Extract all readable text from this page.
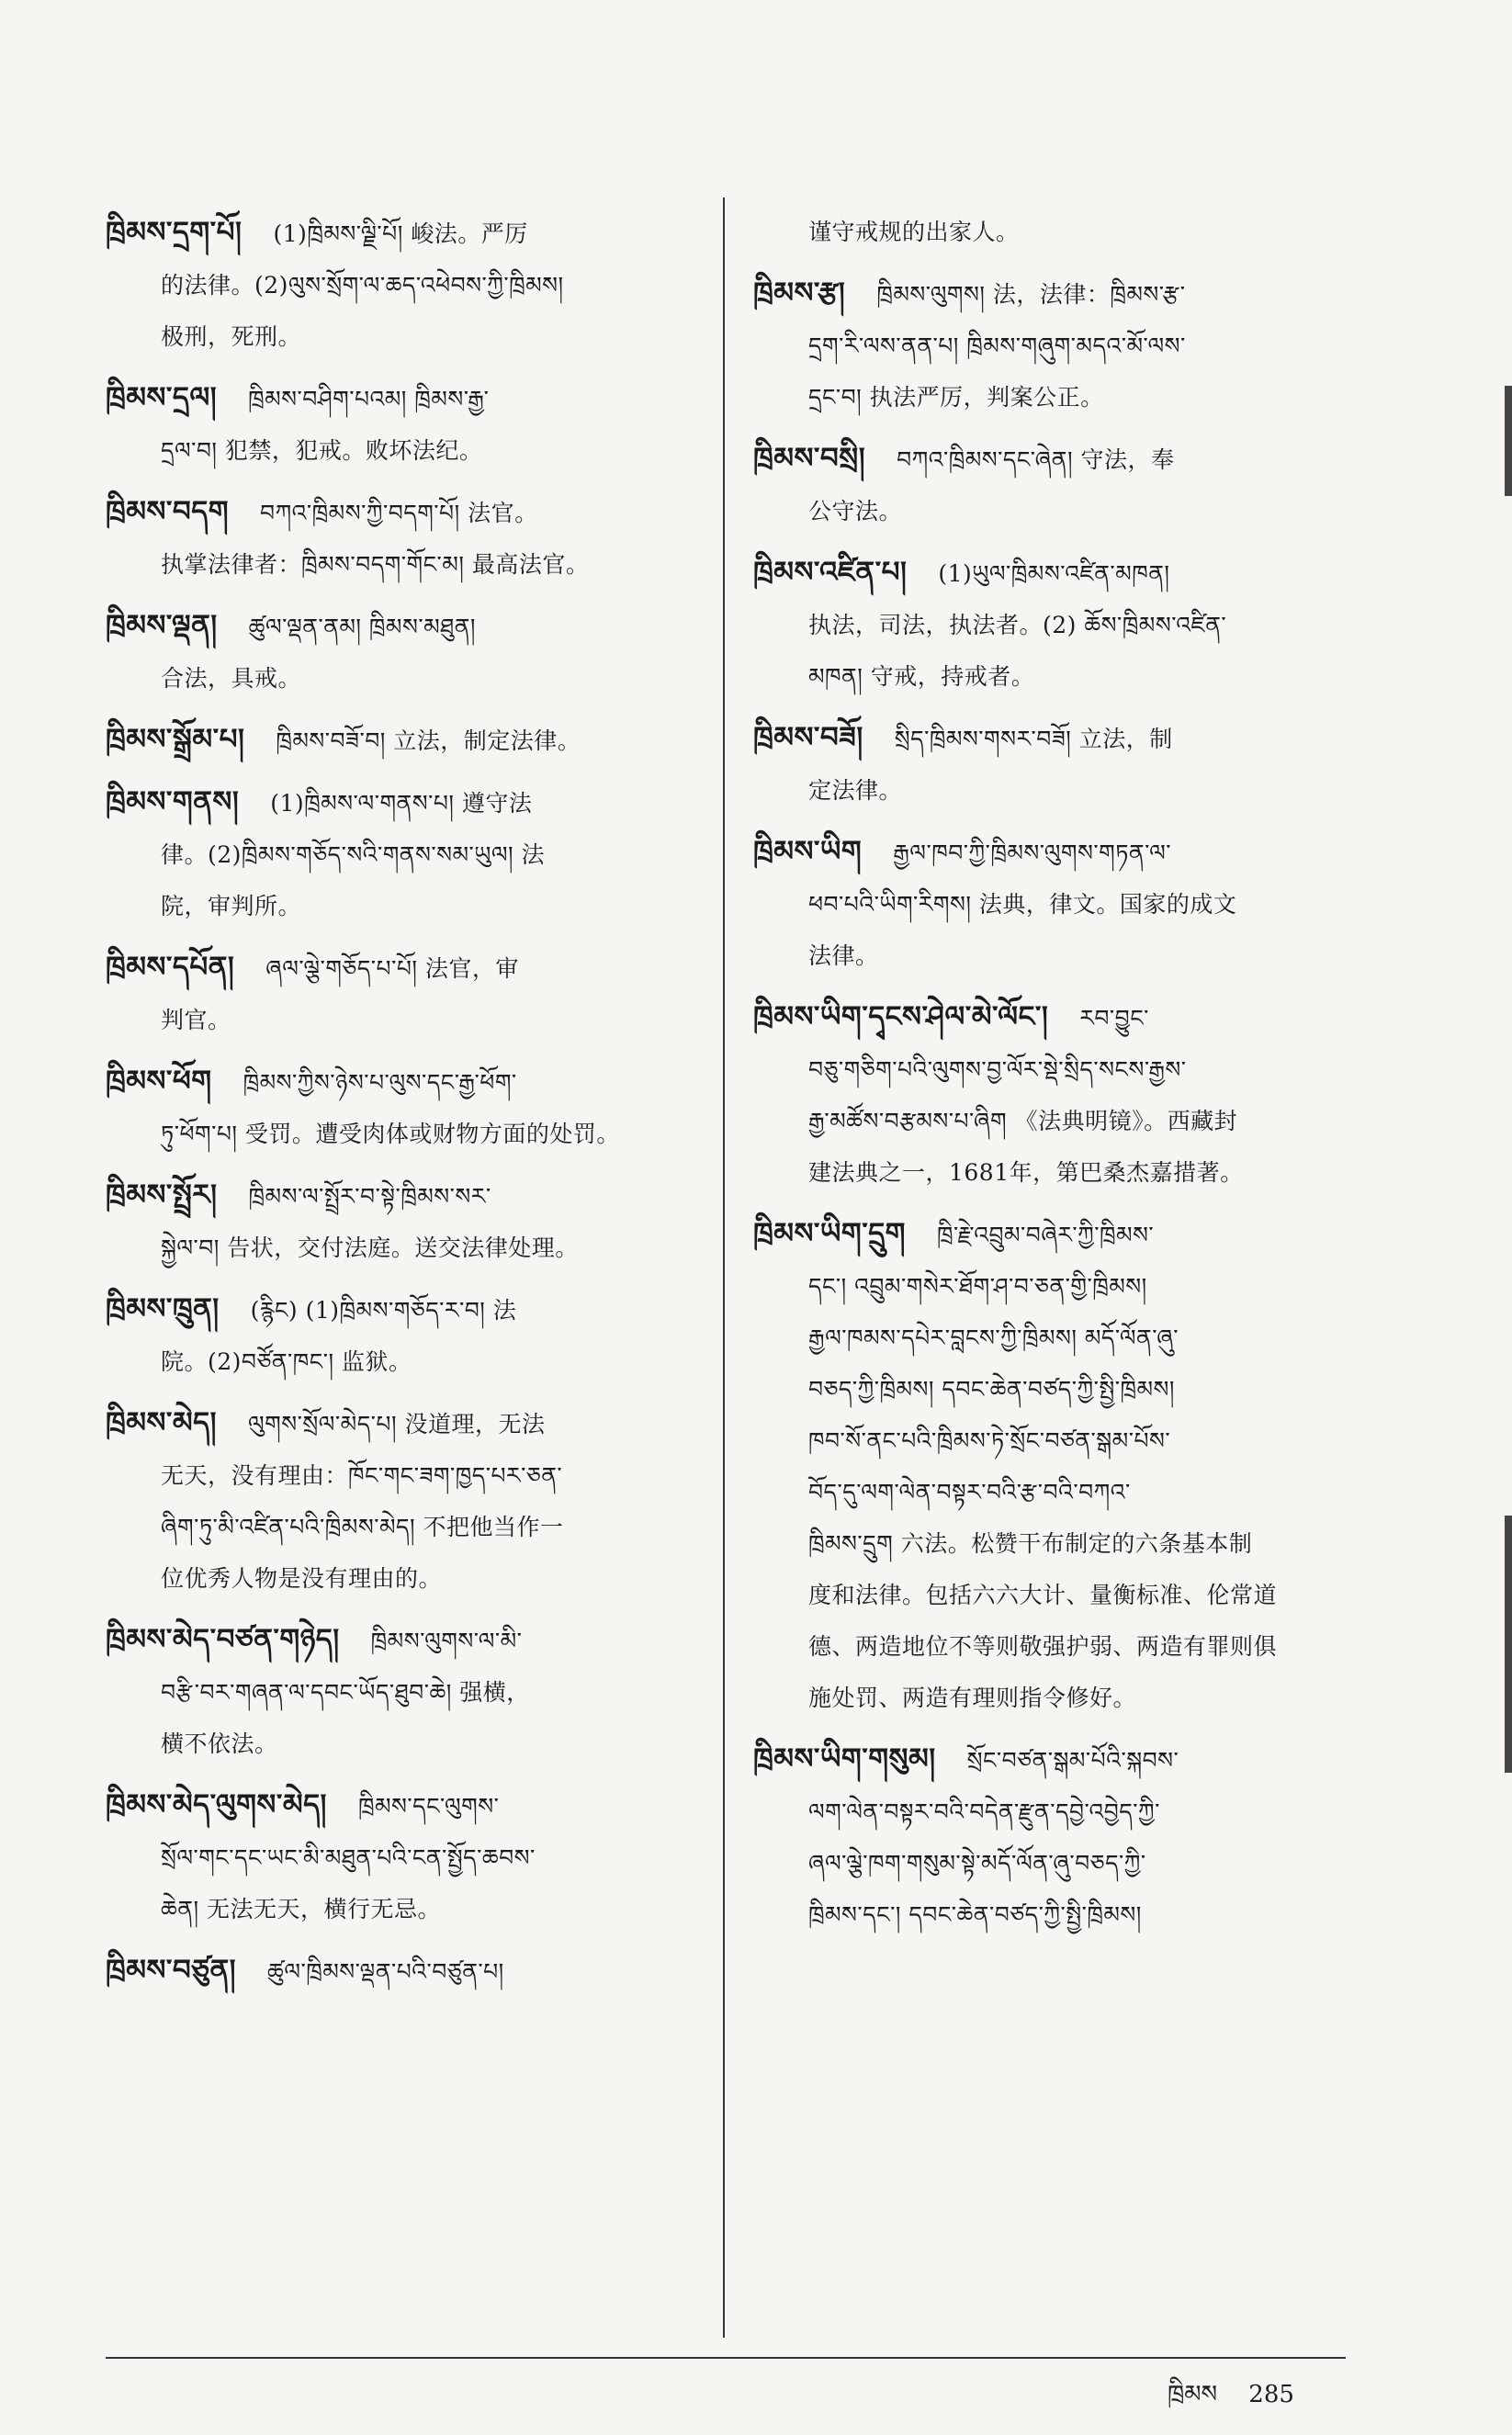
ཁྲིམས་དྲག་པོ། (1)ཁྲིམས་ལྗི་པོ། 峻法。严厉
的法律。(2)ལུས་སྲོག་ལ་ཆད་འཕེབས་ཀྱི་ཁྲིམས།
极刑，死刑。
ཁྲིམས་དྲལ། ཁྲིམས་བཤིག་པའམ། ཁྲིམས་རྒྱ་
དྲལ་བ། 犯禁，犯戒。败坏法纪。
ཁྲིམས་བདག བཀའ་ཁྲིམས་ཀྱི་བདག་པོ། 法官。
执掌法律者：ཁྲིམས་བདག་གོང་མ། 最高法官。
ཁྲིམས་ལྡན། ཚུལ་ལྡན་ནམ། ཁྲིམས་མཐུན།
合法，具戒。
ཁྲིམས་སྒྲོམ་པ། ཁྲིམས་བཟོ་བ། 立法，制定法律。
ཁྲིམས་གནས། (1)ཁྲིམས་ལ་གནས་པ། 遵守法
律。(2)ཁྲིམས་གཅོད་སའི་གནས་སམ་ཡུལ། 法
院，审判所。
ཁྲིམས་དཔོན། ཞལ་ལྕེ་གཅོད་པ་པོ། 法官，审
判官。
ཁྲིམས་ཕོག ཁྲིམས་ཀྱིས་ཉེས་པ་ལུས་དང་རྒྱ་ཕོག་
ཏུ་ཕོག་པ། 受罚。遭受肉体或财物方面的处罚。
ཁྲིམས་སྤྲོར། ཁྲིམས་ལ་སྤྲོར་བ་སྟེ་ཁྲིམས་སར་
སྐྱེལ་བ། 告状，交付法庭。送交法律处理。
ཁྲིམས་ཁྲུན། (རྙིང) (1)ཁྲིམས་གཅོད་ར་བ། 法
院。(2)བཙོན་ཁང་། 监狱。
ཁྲིམས་མེད། ལུགས་སྲོལ་མེད་པ། 没道理，无法
无天，没有理由：ཁོང་གང་ཟག་ཁྱད་པར་ཅན་
ཞིག་ཏུ་མི་འཛིན་པའི་ཁྲིམས་མེད། 不把他当作一
位优秀人物是没有理由的。
ཁྲིམས་མེད་བཙན་གཉེད། ཁྲིམས་ལུགས་ལ་མི་
བརྩི་བར་གཞན་ལ་དབང་ཡོད་ཐུབ་ཆེ། 强横，
横不依法。
ཁྲིམས་མེད་ལུགས་མེད། ཁྲིམས་དང་ལུགས་
སྲོལ་གང་དང་ཡང་མི་མཐུན་པའི་ངན་སྤྱོད་ཆབས་
ཆེན། 无法无天，横行无忌。
ཁྲིམས་བཙུན། ཚུལ་ཁྲིམས་ལྡན་པའི་བཙུན་པ།
谨守戒规的出家人。
ཁྲིམས་རྩ། ཁྲིམས་ལུགས། 法，法律：ཁྲིམས་རྩ་
དྲག་རི་ལས་ནན་པ། ཁྲིམས་གཞུག་མདའ་མོ་ལས་
དྲང་བ། 执法严厉，判案公正。
ཁྲིམས་བསྲི། བཀའ་ཁྲིམས་དང་ཞེན། 守法，奉
公守法。
ཁྲིམས་འཛིན་པ། (1)ཡུལ་ཁྲིམས་འཛིན་མཁན།
执法，司法，执法者。(2) ཆོས་ཁྲིམས་འཛིན་
མཁན། 守戒，持戒者。
ཁྲིམས་བཟོ། སྲིད་ཁྲིམས་གསར་བཟོ། 立法，制
定法律。
ཁྲིམས་ཡིག རྒྱལ་ཁབ་ཀྱི་ཁྲིམས་ལུགས་གཏན་ལ་
ཕབ་པའི་ཡིག་རིགས། 法典，律文。国家的成文
法律。
ཁྲིམས་ཡིག་དྭངས་ཤེལ་མེ་ལོང་། རབ་བྱུང་
བཅུ་གཅིག་པའི་ལུགས་བྱ་ལོར་སྡེ་སྲིད་སངས་རྒྱས་
རྒྱ་མཚོས་བརྩམས་པ་ཞིག 《法典明镜》。西藏封
建法典之一，1681年，第巴桑杰嘉措著。
ཁྲིམས་ཡིག་དྲུག ཁྲི་རྗེ་འབྲུམ་བཞེར་ཀྱི་ཁྲིམས་
དང་། འབྲུམ་གསེར་ཐོག་ཤ་བ་ཅན་གྱི་ཁྲིམས།
རྒྱལ་ཁམས་དཔེར་བླངས་ཀྱི་ཁྲིམས། མདོ་ལོན་ཞུ་
བཅད་ཀྱི་ཁྲིམས། དབང་ཆེན་བཙད་ཀྱི་སྤྱི་ཁྲིམས།
ཁབ་སོ་ནང་པའི་ཁྲིམས་ཏེ་སྲོང་བཙན་སྒམ་པོས་
བོད་དུ་ལག་ལེན་བསྟར་བའི་རྩ་བའི་བཀའ་
ཁྲིམས་དྲུག 六法。松赞干布制定的六条基本制
度和法律。包括六六大计、量衡标准、伦常道
德、两造地位不等则敬强护弱、两造有罪则俱
施处罚、两造有理则指令修好。
ཁྲིམས་ཡིག་གསུམ། སྲོང་བཙན་སྒམ་པོའི་སྐབས་
ལག་ལེན་བསྟར་བའི་བདེན་རྫུན་དབྱེ་འབྱེད་ཀྱི་
ཞལ་ལྕེ་ཁག་གསུམ་སྟེ་མདོ་ལོན་ཞུ་བཅད་ཀྱི་
ཁྲིམས་དང་། དབང་ཆེན་བཙད་ཀྱི་སྤྱི་ཁྲིམས།
ཁྲིམས 285
